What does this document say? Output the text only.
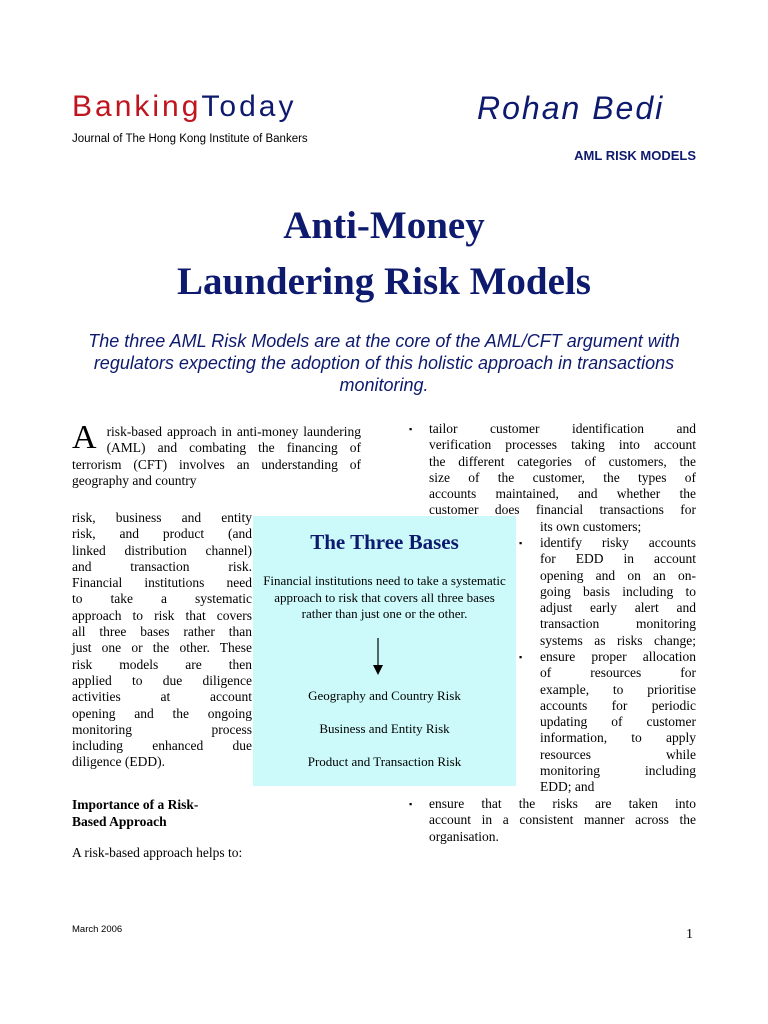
BankingToday
Journal of The Hong Kong Institute of Bankers
Rohan Bedi
AML RISK MODELS
Anti-Money
Laundering Risk Models
The three AML Risk Models are at the core of the AML/CFT argument with regulators expecting the adoption of this holistic approach in transactions monitoring.
Arisk-based approach in anti-money laundering (AML) and combating the financing of terrorism (CFT) involves an understanding of geography and country
risk, business and entity
risk, and product (and
linked distribution channel)
and transaction risk.
Financial institutions need
to take a systematic
approach to risk that covers
all three bases rather than
just one or the other. These
risk models are then
applied to due diligence
activities at account
opening and the ongoing
monitoring process
including enhanced due
diligence (EDD).
The Three Bases
Financial institutions need to take a systematic approach to risk that covers all three bases rather than just one or the other.
Geography and Country Risk
Business and Entity Risk
Product and Transaction Risk
Importance of a Risk-
Based Approach
A risk-based approach helps to:
▪ tailor customer identification and
verification processes taking into account
the different categories of customers, the
size of the customer, the types of
accounts maintained, and whether the
customer does financial transactions for
its own customers;
▪ identify risky accounts
for EDD in account
opening and on an on-
going basis including to
adjust early alert and
transaction monitoring
systems as risks change;
▪ ensure proper allocation
of resources for
example, to prioritise
accounts for periodic
updating of customer
information, to apply
resources while
monitoring including
EDD; and
▪ ensure that the risks are taken into
account in a consistent manner across the
organisation.
March 2006	1
